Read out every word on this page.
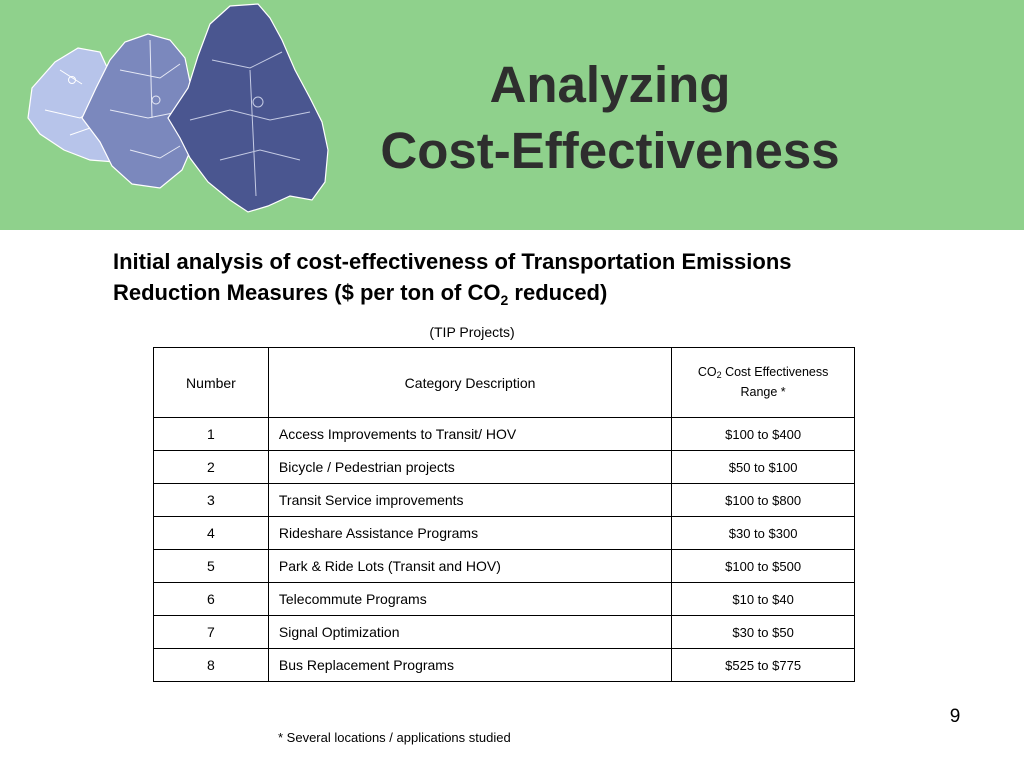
Analyzing
Cost-Effectiveness
Initial analysis of cost-effectiveness of Transportation Emissions
Reduction Measures ($ per ton of $CO_2$ reduced)
(TIP Projects)
Number	Category Description	CO2 Cost Effectiveness Range *
1	Access Improvements to Transit/ HOV	$100 to $400
2	Bicycle / Pedestrian projects	$50 to $100
3	Transit Service improvements	$100 to $800
4	Rideshare Assistance Programs	$30 to $300
5	Park & Ride Lots (Transit and HOV)	$100 to $500
6	Telecommute Programs	$10 to $40
7	Signal Optimization	$30 to $50
8	Bus Replacement Programs	$525 to $775
9
* Several locations / applications studied
